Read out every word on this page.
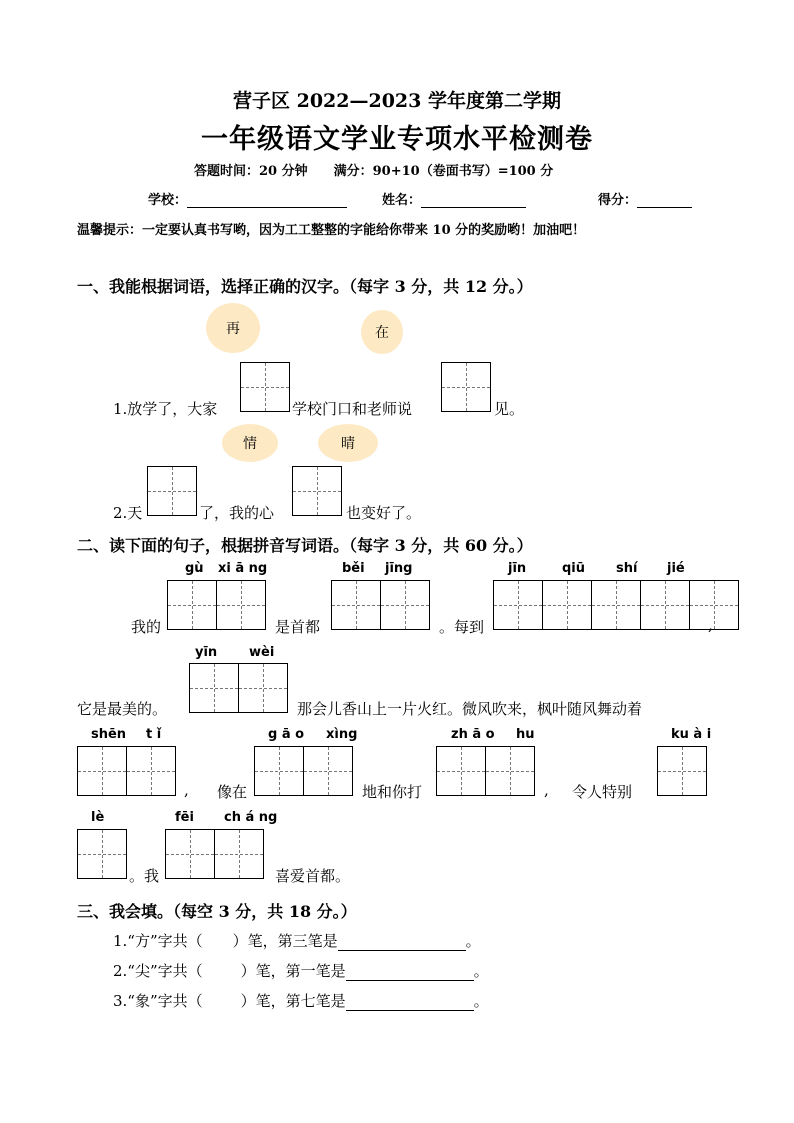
营子区 2022—2023 学年度第二学期
一年级语文学业专项水平检测卷
答题时间：20 分钟 满分：90+10（卷面书写）=100 分
学校：	姓名：	得分：
温馨提示：一定要认真书写哟，因为工工整整的字能给你带来 10 分的奖励哟！加油吧！
一、我能根据词语，选择正确的汉字。（每字 3 分，共 12 分。）
再	在
1.放学了，大家	学校门口和老师说	见。
情	晴
2.天	了，我的心	也变好了。
二、读下面的句子，根据拼音写词语。（每字 3 分，共 60 分。）
gù xi ā ng	běi jīng	jīn	qiū shí jié
我的	是首都	。每到	,
yīn wèi
它是最美的。	那会儿香山上一片火红。微风吹来，枫叶随风舞动着
shēn t ǐ	g ā o xìng	zh ā o hu	ku à i
, 像在	地和你打	, 令人特别
lè	fēi ch á ng
。我	喜爱首都。
三、我会填。（每空 3 分，共 18 分。）
1.“方”字共（ ）笔，第三笔是	。
2.“尖”字共（	）笔，第一笔是	。
3.“象”字共（	）笔，第七笔是	。
